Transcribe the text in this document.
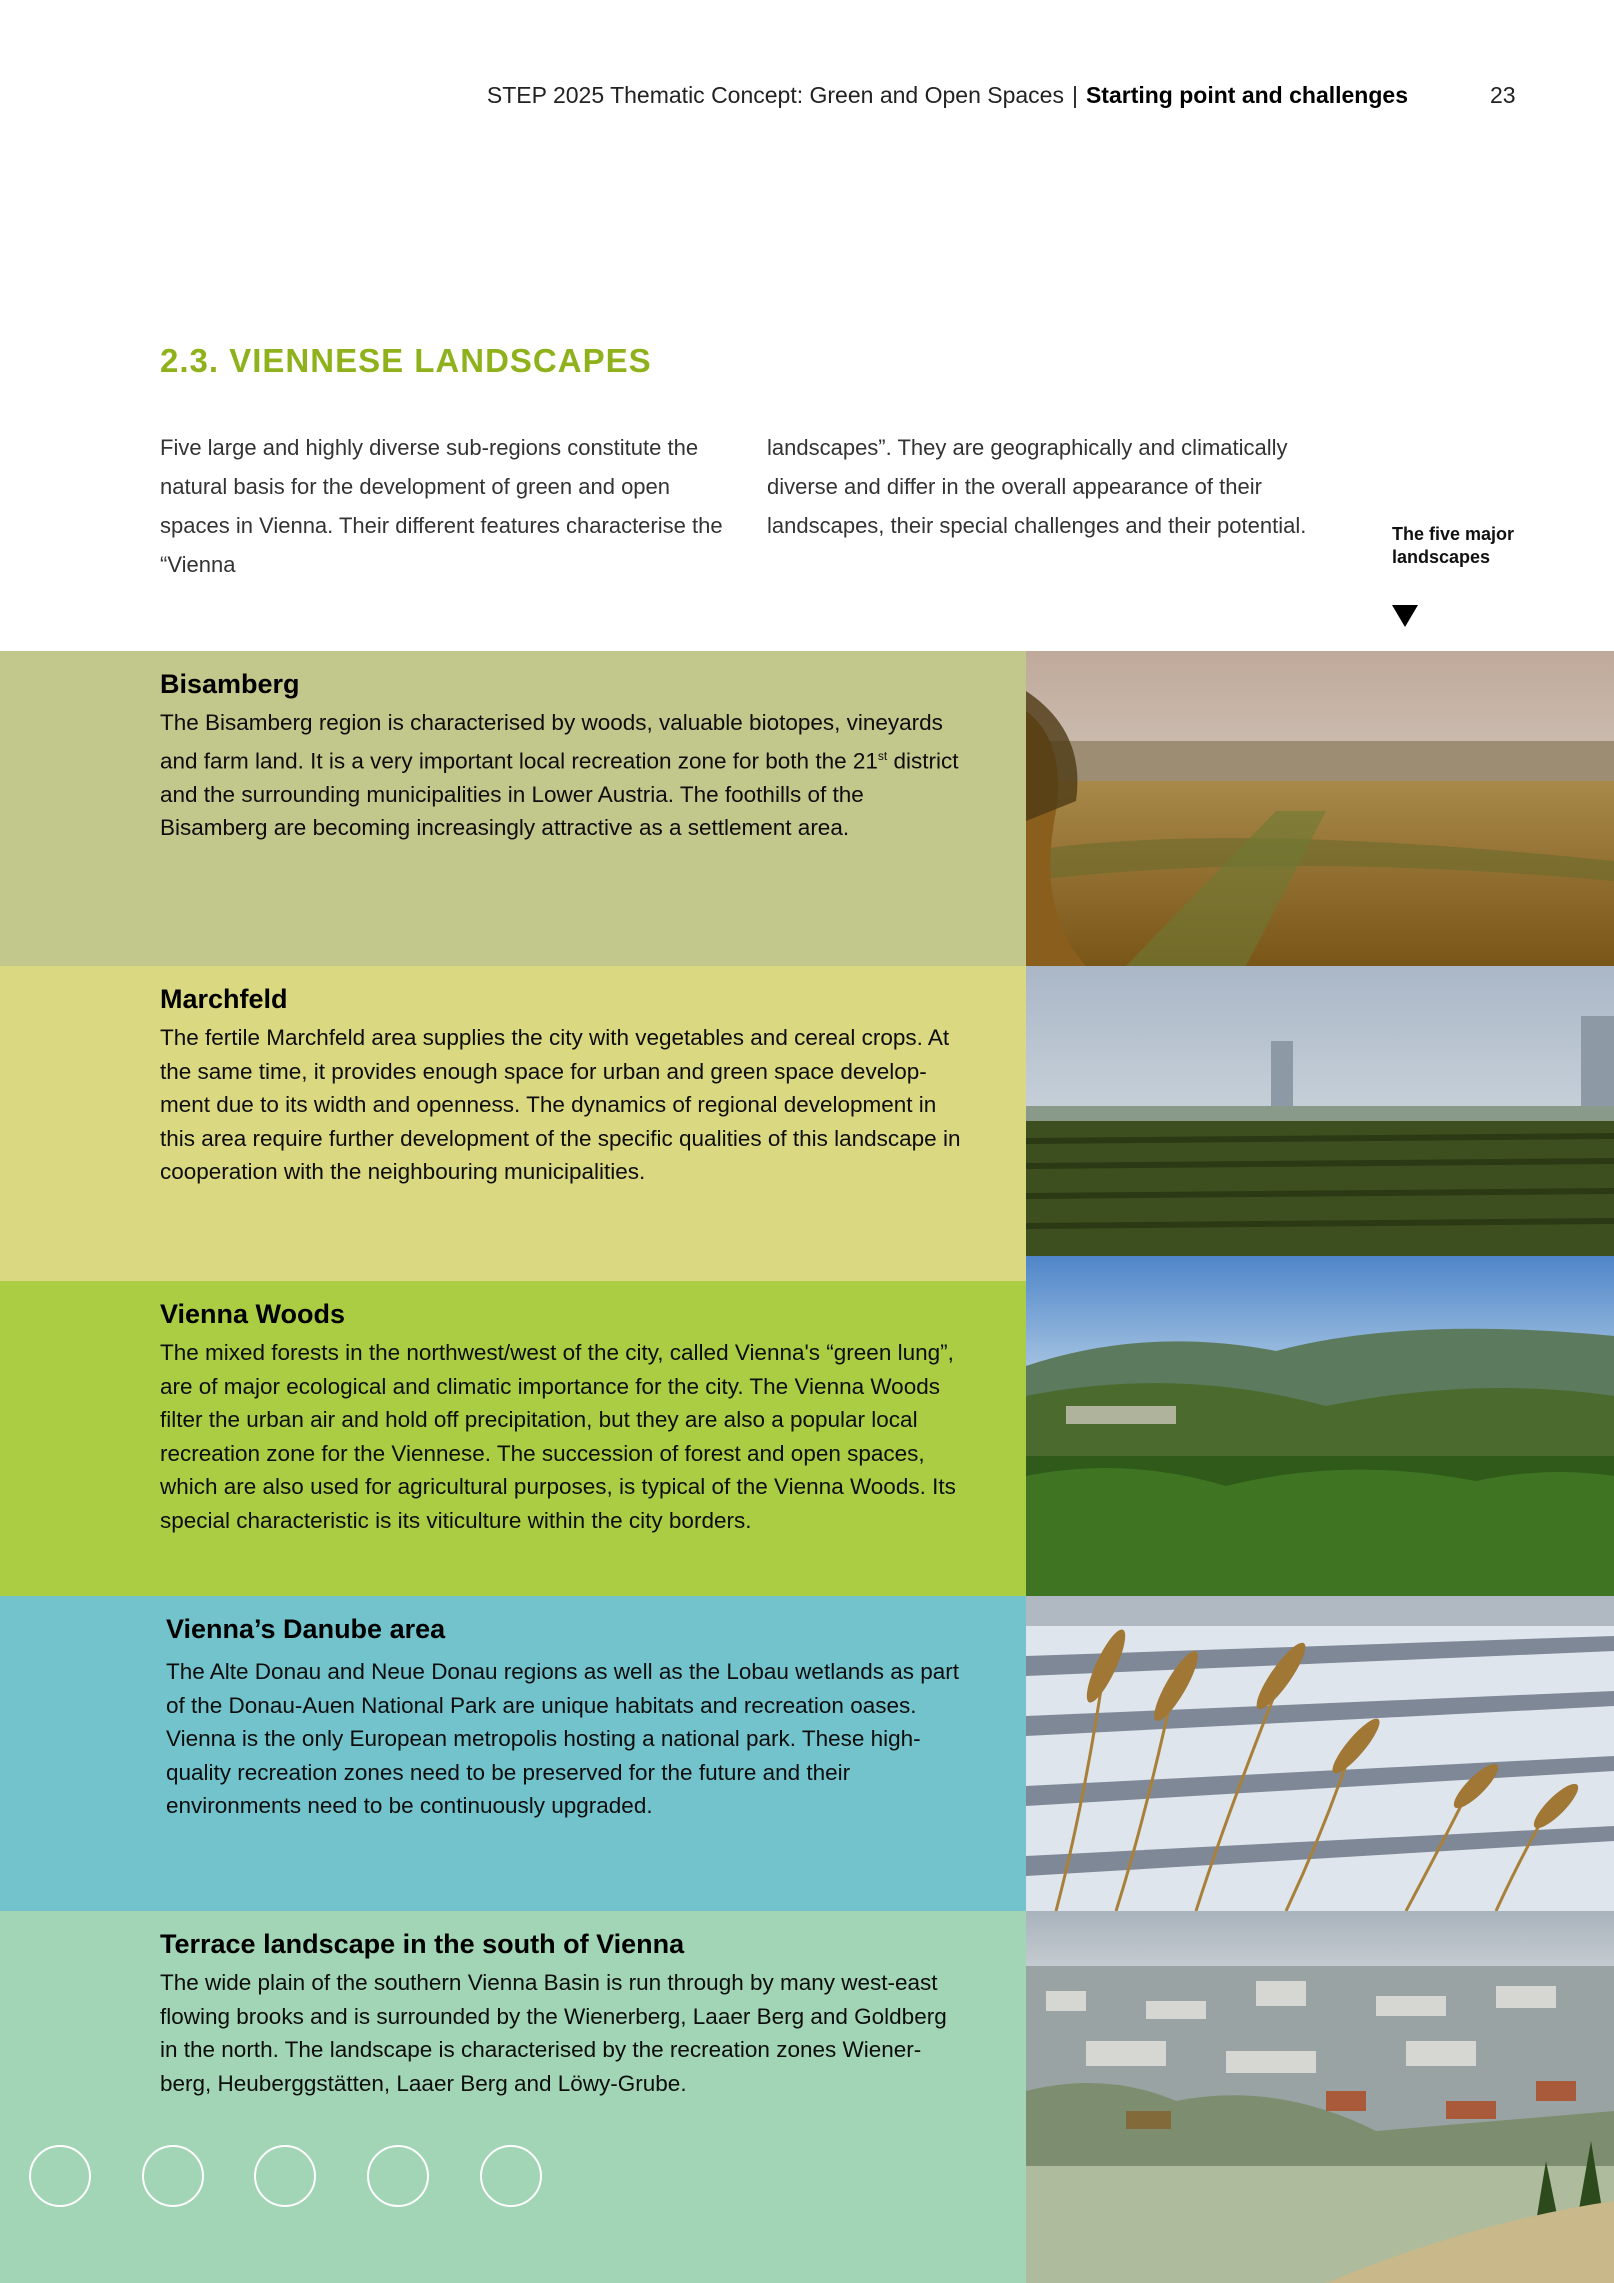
STEP 2025 Thematic Concept: Green and Open Spaces | Starting point and challenges	23
2.3. VIENNESE LANDSCAPES
Five large and highly diverse sub-regions constitute the natural basis for the development of green and open spaces in Vienna. Their different features characterise the “Vienna
landscapes”. They are geographically and climatically diverse and differ in the overall appearance of their landscapes, their special challenges and their potential.	The five major landscapes
Bisamberg

The Bisamberg region is characterised by woods, valuable biotopes, vineyards and farm land. It is a very important local recreation zone for both the 21st district and the surrounding municipalities in Lower Austria. The foothills of the Bisamberg are becoming increasingly attractive as a settlement area.

Marchfeld

The fertile Marchfeld area supplies the city with vegetables and cereal crops. At the same time, it provides enough space for urban and green space develop-ment due to its width and openness. The dynamics of regional development in this area require further development of the specific qualities of this landscape in cooperation with the neighbouring municipalities.

Vienna Woods

The mixed forests in the northwest/west of the city, called Vienna's “green lung”, are of major ecological and climatic importance for the city. The Vienna Woods filter the urban air and hold off precipitation, but they are also a popular local recreation zone for the Viennese. The succession of forest and open spaces, which are also used for agricultural purposes, is typical of the Vienna Woods. Its special characteristic is its viticulture within the city borders.

Vienna’s Danube area

The Alte Donau and Neue Donau regions as well as the Lobau wetlands as part of the Donau-Auen National Park are unique habitats and recreation oases. Vienna is the only European metropolis hosting a national park. These high-quality recreation zones need to be preserved for the future and their environments need to be continuously upgraded.

Terrace landscape in the south of Vienna

The wide plain of the southern Vienna Basin is run through by many west-east flowing brooks and is surrounded by the Wienerberg, Laaer Berg and Goldberg in the north. The landscape is characterised by the recreation zones Wiener-berg, Heuberggstätten, Laaer Berg and Löwy-Grube.
